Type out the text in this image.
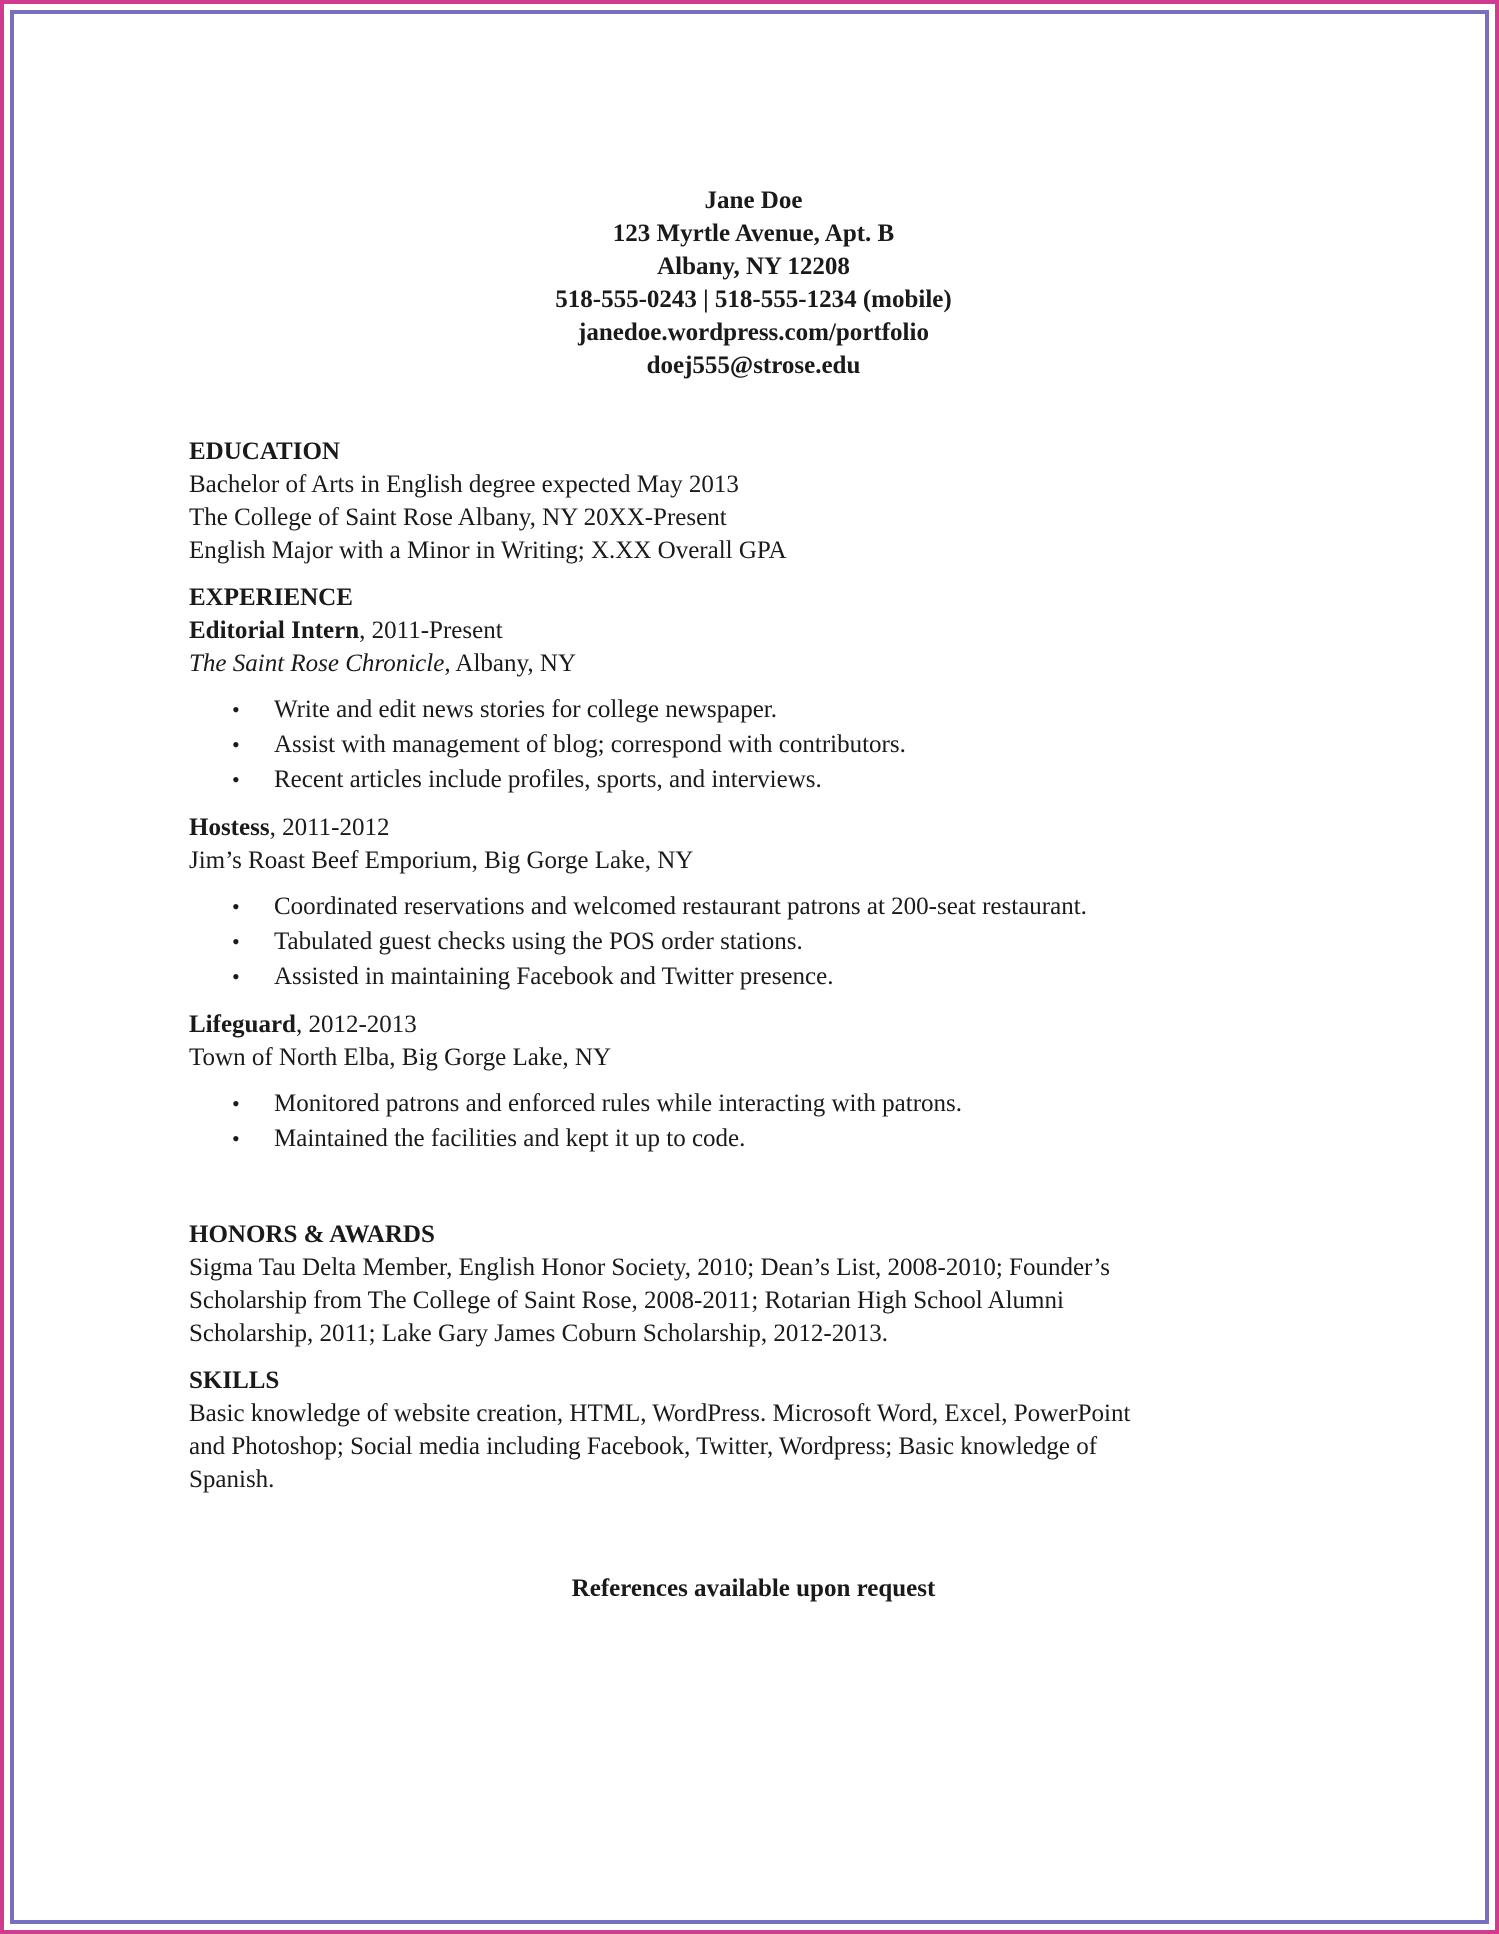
Jane Doe
123 Myrtle Avenue, Apt. B
Albany, NY 12208
518-555-0243 | 518-555-1234 (mobile)
janedoe.wordpress.com/portfolio
doej555@strose.edu
EDUCATION
Bachelor of Arts in English degree expected May 2013
The College of Saint Rose Albany, NY 20XX-Present
English Major with a Minor in Writing; X.XX Overall GPA
EXPERIENCE
Editorial Intern, 2011-Present
The Saint Rose Chronicle, Albany, NY
• Write and edit news stories for college newspaper.
• Assist with management of blog; correspond with contributors.
• Recent articles include profiles, sports, and interviews.
Hostess, 2011-2012
Jim’s Roast Beef Emporium, Big Gorge Lake, NY
• Coordinated reservations and welcomed restaurant patrons at 200-seat restaurant.
• Tabulated guest checks using the POS order stations.
• Assisted in maintaining Facebook and Twitter presence.
Lifeguard, 2012-2013
Town of North Elba, Big Gorge Lake, NY
• Monitored patrons and enforced rules while interacting with patrons.
• Maintained the facilities and kept it up to code.
HONORS & AWARDS
Sigma Tau Delta Member, English Honor Society, 2010; Dean’s List, 2008-2010; Founder’s
Scholarship from The College of Saint Rose, 2008-2011; Rotarian High School Alumni
Scholarship, 2011; Lake Gary James Coburn Scholarship, 2012-2013.
SKILLS
Basic knowledge of website creation, HTML, WordPress. Microsoft Word, Excel, PowerPoint
and Photoshop; Social media including Facebook, Twitter, Wordpress; Basic knowledge of
Spanish.
References available upon request
